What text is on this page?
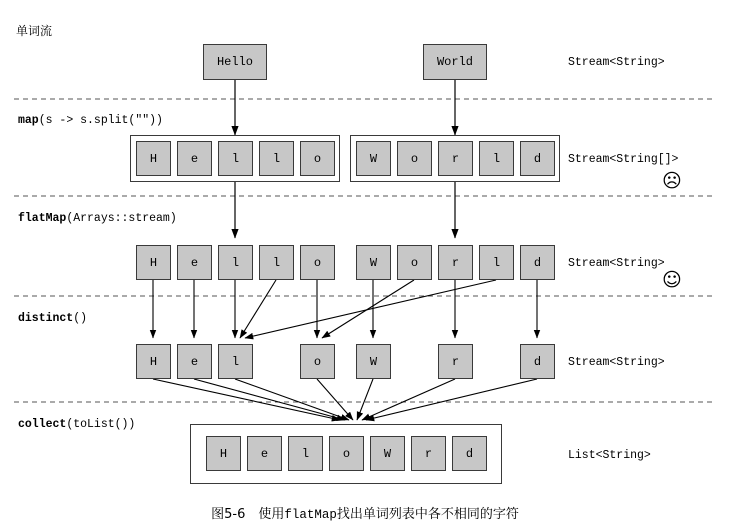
单词流
Hello	World	Stream<String>
map(s -> s.split(""))
H	e	l	l	o	W	o	r	l	d Stream<String[]>
☹
flatMap(Arrays::stream)
H	e	l	l	o	W	o	r	l	d Stream<String>
☺
distinct()
H	e	l	o	W	r	d Stream<String>
collect(toList())
H	e	l	o	W	r	d	List<String>
图5-6　使用flatMap找出单词列表中各不相同的字符
